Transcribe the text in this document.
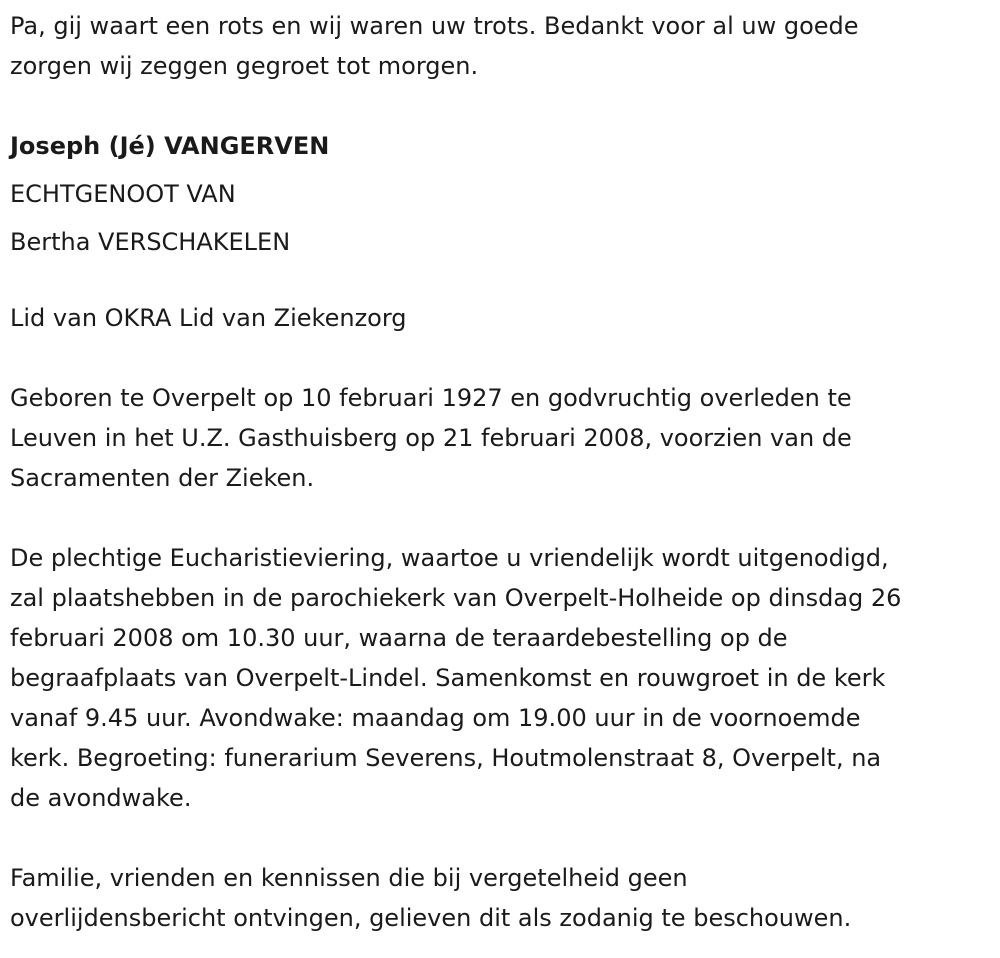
Pa, gij waart een rots en wij waren uw trots. Bedankt voor al uw goede

zorgen wij zeggen gegroet tot morgen.

Joseph (Jé) VANGERVEN

ECHTGENOOT VAN

Bertha VERSCHAKELEN

Lid van OKRA Lid van Ziekenzorg

Geboren te Overpelt op 10 februari 1927 en godvruchtig overleden te

Leuven in het U.Z. Gasthuisberg op 21 februari 2008, voorzien van de

Sacramenten der Zieken.

De plechtige Eucharistieviering, waartoe u vriendelijk wordt uitgenodigd,

zal plaatshebben in de parochiekerk van Overpelt-Holheide op dinsdag 26

februari 2008 om 10.30 uur, waarna de teraardebestelling op de

begraafplaats van Overpelt-Lindel. Samenkomst en rouwgroet in de kerk

vanaf 9.45 uur. Avondwake: maandag om 19.00 uur in de voornoemde

kerk. Begroeting: funerarium Severens, Houtmolenstraat 8, Overpelt, na

de avondwake.

Familie, vrienden en kennissen die bij vergetelheid geen

overlijdensbericht ontvingen, gelieven dit als zodanig te beschouwen.
